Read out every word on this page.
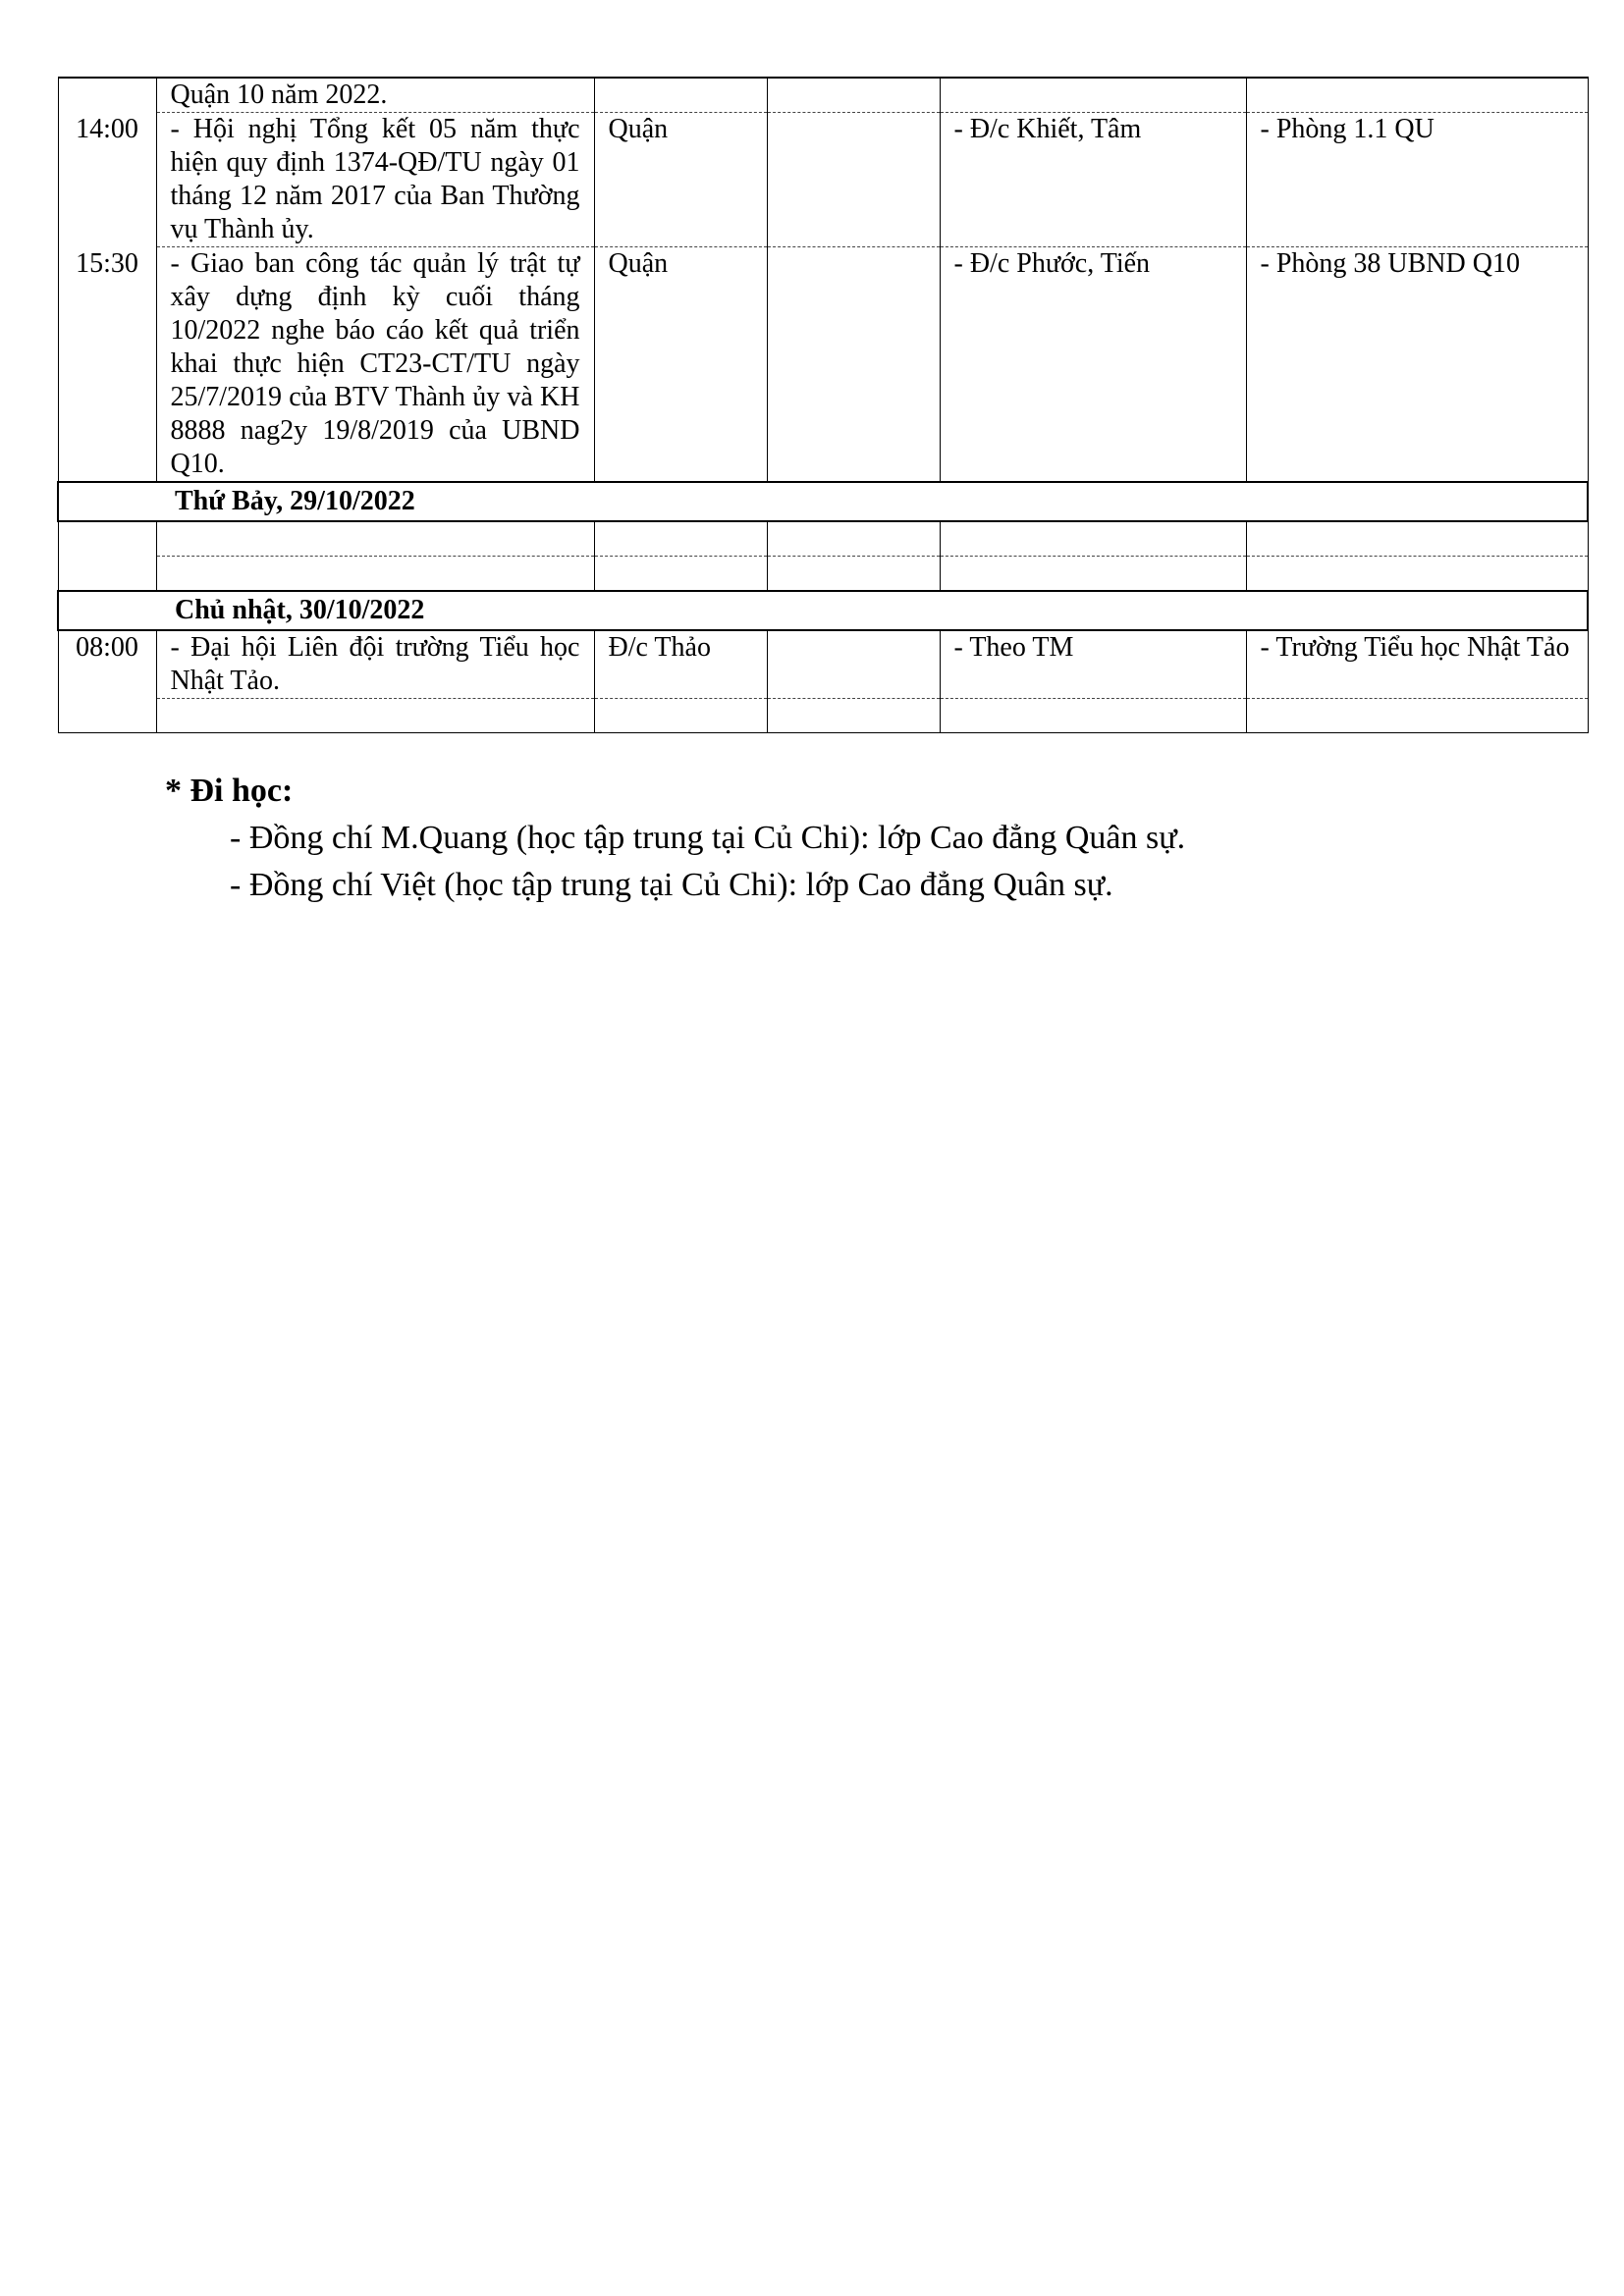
	Quận 10 năm 2022.				
14:00	- Hội nghị Tổng kết 05 năm thực hiện quy định 1374-QĐ/TU ngày 01 tháng 12 năm 2017 của Ban Thường vụ Thành ủy.	Quận		- Đ/c Khiết, Tâm	- Phòng 1.1 QU
15:30	- Giao ban công tác quản lý trật tự xây dựng định kỳ cuối tháng 10/2022 nghe báo cáo kết quả triển khai thực hiện CT23-CT/TU ngày 25/7/2019 của BTV Thành ủy và KH 8888 nag2y 19/8/2019 của UBND Q10.	Quận		- Đ/c Phước, Tiến	- Phòng 38 UBND Q10
Thứ Bảy, 29/10/2022					

Chủ nhật, 30/10/2022					
08:00	- Đại hội Liên đội trường Tiểu học Nhật Tảo.	Đ/c Thảo		- Theo TM	- Trường Tiểu học Nhật Tảo

* Đi học:
- Đồng chí M.Quang (học tập trung tại Củ Chi): lớp Cao đẳng Quân sự.
- Đồng chí Việt (học tập trung tại Củ Chi): lớp Cao đẳng Quân sự.
